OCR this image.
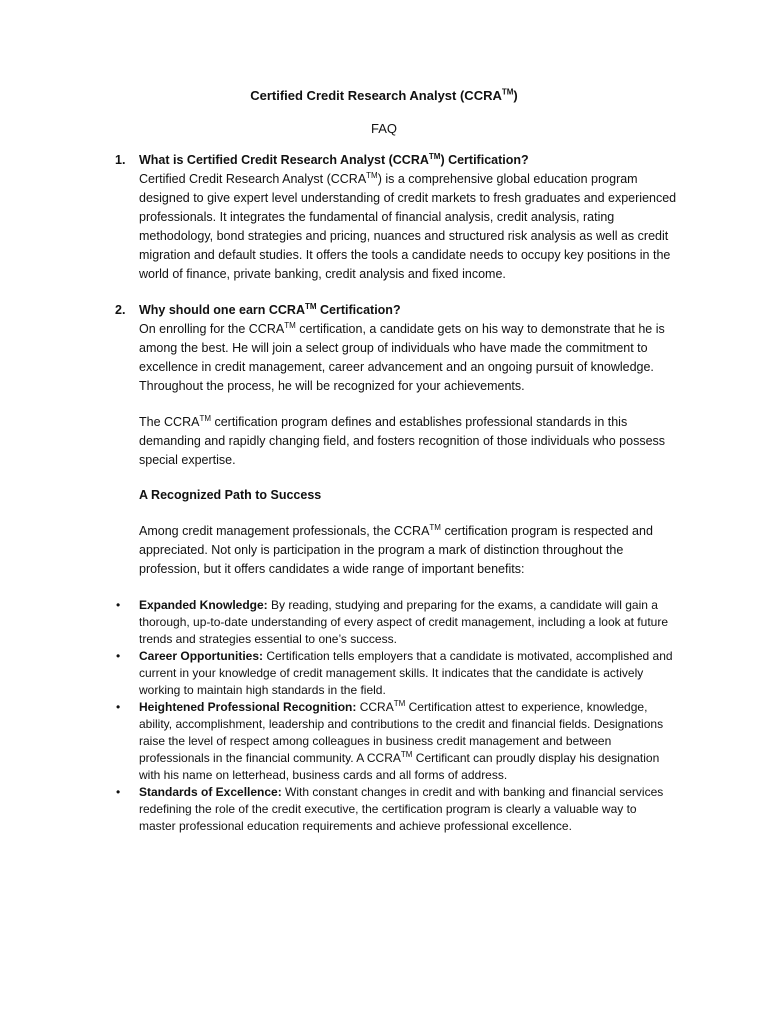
Certified Credit Research Analyst (CCRA™)
FAQ
1. What is Certified Credit Research Analyst (CCRA™) Certification?

Certified Credit Research Analyst (CCRA™) is a comprehensive global education program designed to give expert level understanding of credit markets to fresh graduates and experienced professionals. It integrates the fundamental of financial analysis, credit analysis, rating methodology, bond strategies and pricing, nuances and structured risk analysis as well as credit migration and default studies. It offers the tools a candidate needs to occupy key positions in the world of finance, private banking, credit analysis and fixed income.

2. Why should one earn CCRA™ Certification?

On enrolling for the CCRA™ certification, a candidate gets on his way to demonstrate that he is among the best. He will join a select group of individuals who have made the commitment to excellence in credit management, career advancement and an ongoing pursuit of knowledge. Throughout the process, he will be recognized for your achievements.

The CCRA™ certification program defines and establishes professional standards in this demanding and rapidly changing field, and fosters recognition of those individuals who possess special expertise.

A Recognized Path to Success

Among credit management professionals, the CCRA™ certification program is respected and appreciated. Not only is participation in the program a mark of distinction throughout the profession, but it offers candidates a wide range of important benefits:

• Expanded Knowledge: By reading, studying and preparing for the exams, a candidate will gain a thorough, up-to-date understanding of every aspect of credit management, including a look at future trends and strategies essential to one’s success.
• Career Opportunities: Certification tells employers that a candidate is motivated, accomplished and current in your knowledge of credit management skills. It indicates that the candidate is actively working to maintain high standards in the field.
• Heightened Professional Recognition: CCRA™ Certification attest to experience, knowledge, ability, accomplishment, leadership and contributions to the credit and financial fields. Designations raise the level of respect among colleagues in business credit management and between professionals in the financial community. A CCRA™ Certificant can proudly display his designation with his name on letterhead, business cards and all forms of address.
• Standards of Excellence: With constant changes in credit and with banking and financial services redefining the role of the credit executive, the certification program is clearly a valuable way to master professional education requirements and achieve professional excellence.
